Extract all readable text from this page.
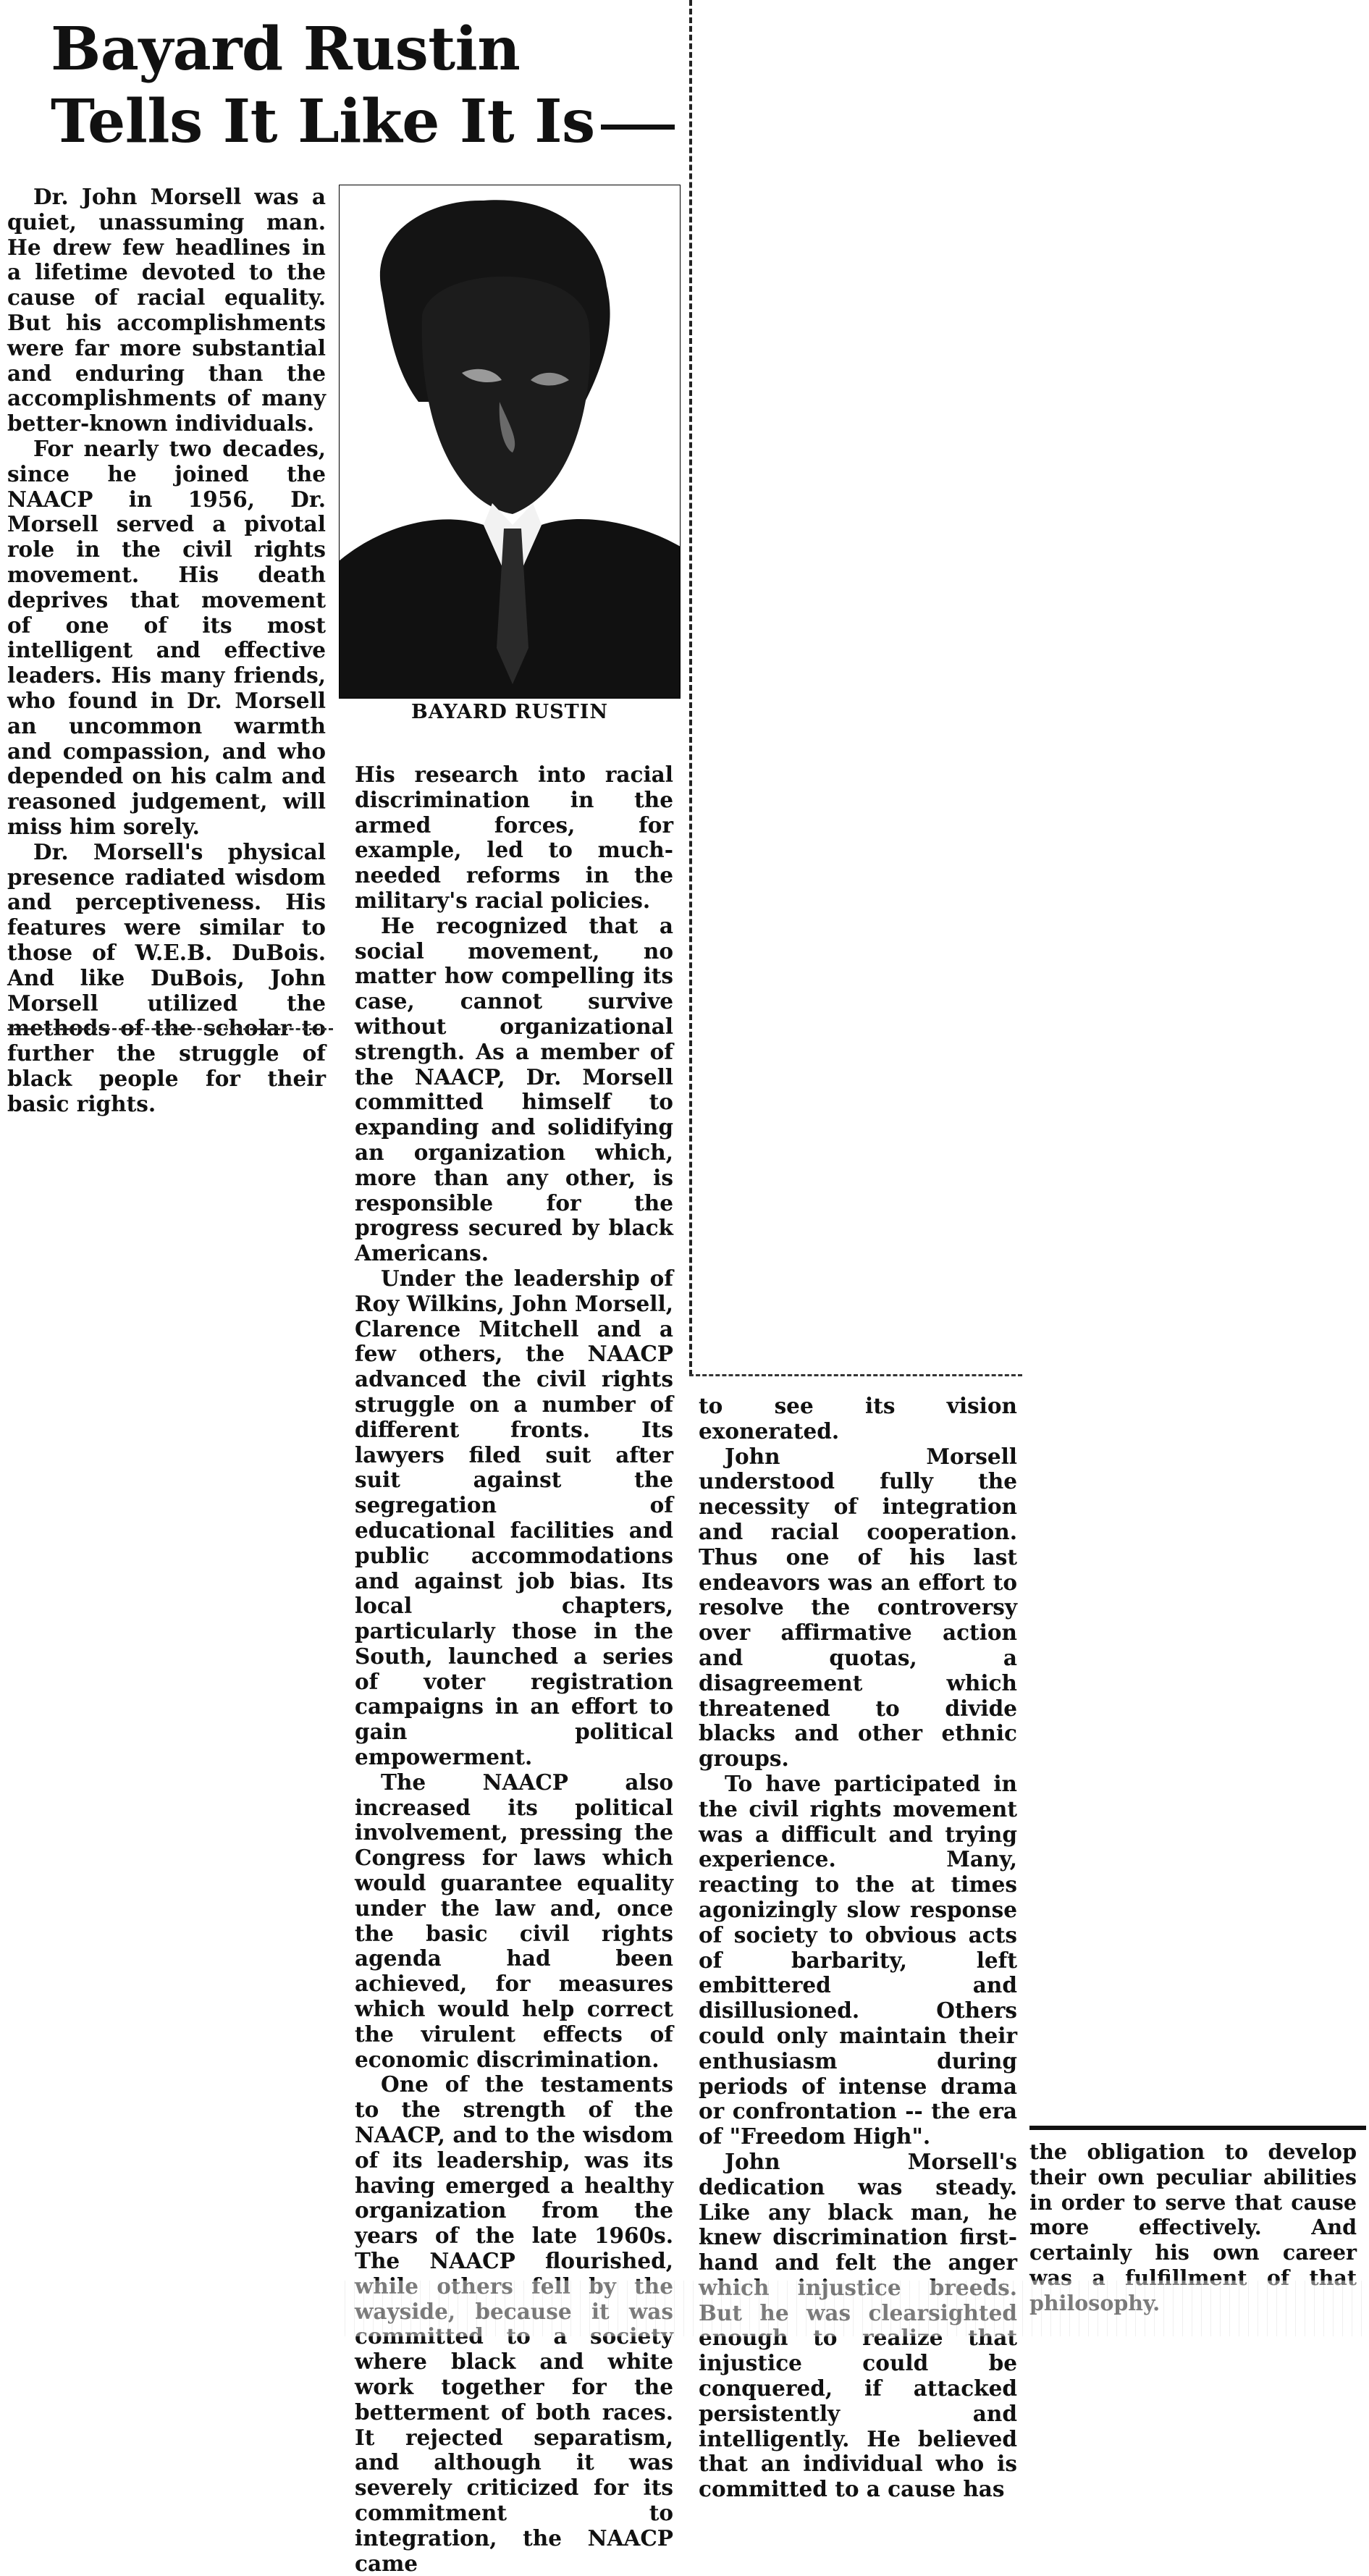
Bayard Rustin
Tells It Like It Is

Dr. John Morsell was a quiet, unassuming man. He drew few headlines in a lifetime devoted to the cause of racial equality. But his accomplishments were far more substantial and enduring than the accomplishments of many better-known individuals.

For nearly two decades, since he joined the NAACP in 1956, Dr. Morsell served a pivotal role in the civil rights movement. His death deprives that movement of one of its most intelligent and effective leaders. His many friends, who found in Dr. Morsell an uncommon warmth and compassion, and who depended on his calm and reasoned judgement, will miss him sorely.

Dr. Morsell's physical presence radiated wisdom and perceptiveness. His features were similar to those of W.E.B. DuBois. And like DuBois, John Morsell utilized the methods of the scholar to further the struggle of black people for their basic rights.

BAYARD RUSTIN

His research into racial discrimination in the armed forces, for example, led to much-needed reforms in the military's racial policies.

He recognized that a social movement, no matter how compelling its case, cannot survive without organizational strength. As a member of the NAACP, Dr. Morsell committed himself to expanding and solidifying an organization which, more than any other, is responsible for the progress secured by black Americans.

Under the leadership of Roy Wilkins, John Morsell, Clarence Mitchell and a few others, the NAACP advanced the civil rights struggle on a number of different fronts. Its lawyers filed suit after suit against the segregation of educational facilities and public accommodations and against job bias. Its local chapters, particularly those in the South, launched a series of voter registration campaigns in an effort to gain political empowerment.

The NAACP also increased its political involvement, pressing the Congress for laws which would guarantee equality under the law and, once the basic civil rights agenda had been achieved, for measures which would help correct the virulent effects of economic discrimination.

One of the testaments to the strength of the NAACP, and to the wisdom of its leadership, was its having emerged a healthy organization from the years of the late 1960s. The NAACP flourished, while others fell by the wayside, because it was committed to a society where black and white work together for the betterment of both races. It rejected separatism, and although it was severely criticized for its commitment to integration, the NAACP came

to see its vision exonerated.

John Morsell understood fully the necessity of integration and racial cooperation. Thus one of his last endeavors was an effort to resolve the controversy over affirmative action and quotas, a disagreement which threatened to divide blacks and other ethnic groups.

To have participated in the civil rights movement was a difficult and trying experience. Many, reacting to the at times agonizingly slow response of society to obvious acts of barbarity, left embittered and disillusioned. Others could only maintain their enthusiasm during periods of intense drama or confrontation -- the era of "Freedom High".

John Morsell's dedication was steady. Like any black man, he knew discrimination first-hand and felt the anger which injustice breeds. But he was clearsighted enough to realize that injustice could be conquered, if attacked persistently and intelligently. He believed that an individual who is committed to a cause has

the obligation to develop their own peculiar abilities in order to serve that cause more effectively. And certainly his own career was a fulfillment of that philosophy.
